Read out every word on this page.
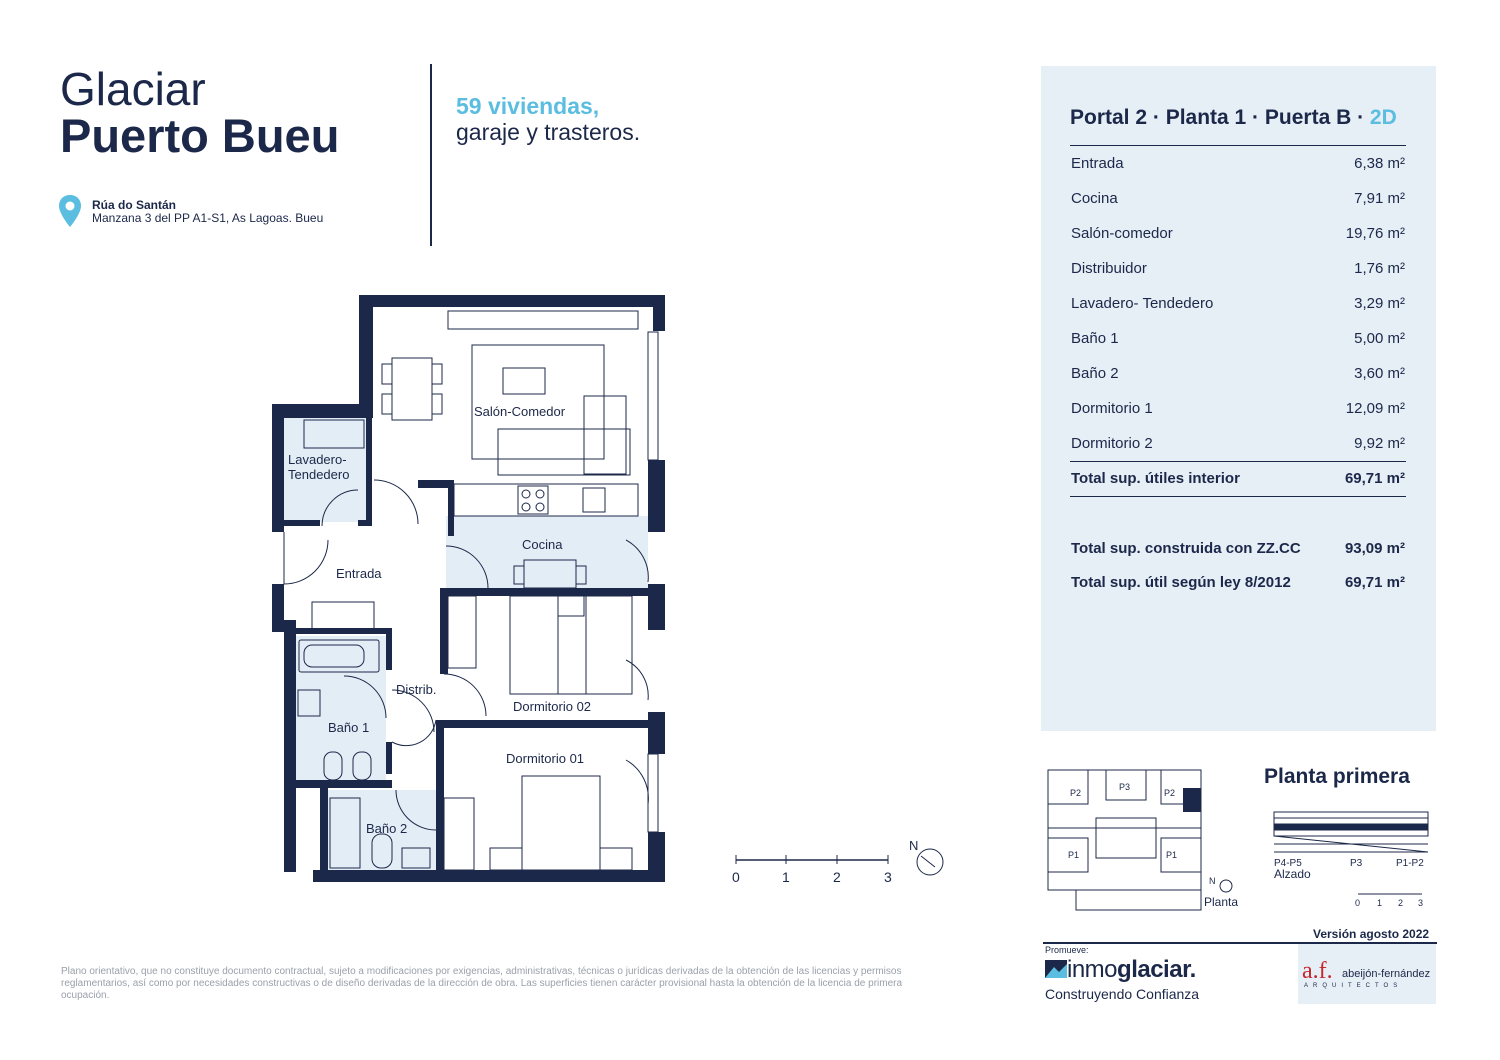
Glaciar
Puerto Bueu
59 viviendas,
garaje y trasteros.
Rúa do Santán
Manzana 3 del PP A1-S1, As Lagoas. Bueu
Salón-Comedor
Lavadero-
Tendedero
Entrada
Cocina
Distrib.
Dormitorio 02
Baño 1
Dormitorio 01
Baño 2
0	1	2	3
N
Portal 2 · Planta 1 · Puerta B · 2D
Entrada	6,38 m²
Cocina	7,91 m²
Salón-comedor	19,76 m²
Distribuidor	1,76 m²
Lavadero- Tendedero	3,29 m²
Baño 1	5,00 m²
Baño 2	3,60 m²
Dormitorio 1	12,09 m²
Dormitorio 2	9,92 m²
Total sup. útiles interior	69,71 m²
Total sup. construida con ZZ.CC	93,09 m²
Total sup. útil según ley 8/2012	69,71 m²
P2
P3
P2
P1	P1
N
Planta
Planta primera
P4-P5	P3	P1-P2
Alzado
0 1 2 3
Versión agosto 2022
Promueve:
inmoglaciar.
Construyendo Confianza
a.f. abeijón-fernández
ARQUITECTOS
Plano orientativo, que no constituye documento contractual, sujeto a modificaciones por exigencias, administrativas, técnicas o jurídicas derivadas de la obtención de las licencias y permisos reglamentarios, así como por necesidades constructivas o de diseño derivadas de la dirección de obra. Las superficies tienen carácter provisional hasta la obtención de la licencia de primera ocupación.
